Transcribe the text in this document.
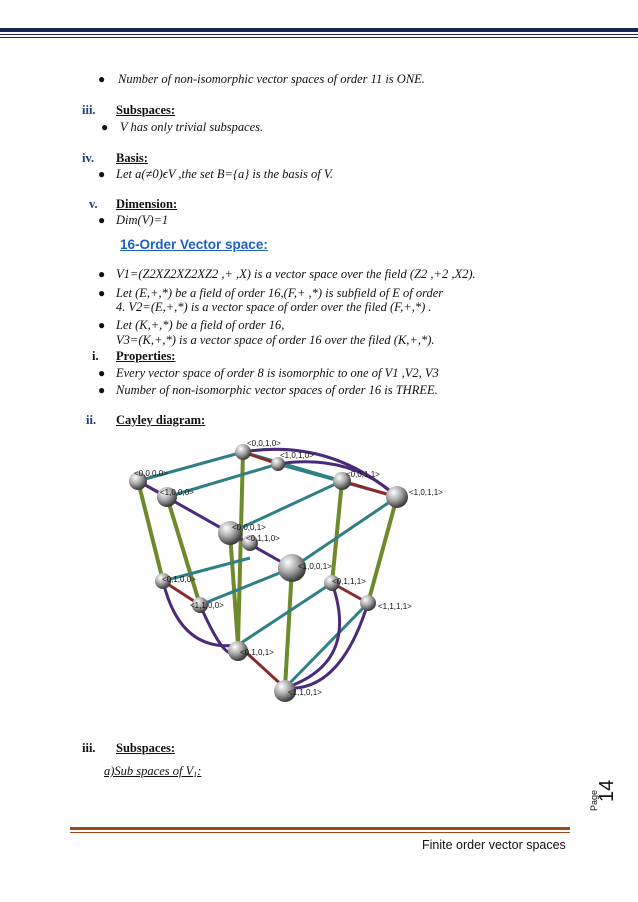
● Number of non-isomorphic vector spaces of order 11 is ONE.
iii. Subspaces:
● V has only trivial subspaces.
iv. Basis:
● Let a(≠0)ϵV ,the set B={a} is the basis of V.
v. Dimension:
● Dim(V)=1
16-Order Vector space:
● V1=(Z2XZ2XZ2XZ2 ,+ ,X) is a vector space over the field (Z2 ,+2 ,X2).
● Let (E,+,*) be a field of order 16,(F,+ ,*) is subfield of E of order
4. V2=(E,+,*) is a vector space of order over the filed (F,+,*) .
● Let (K,+,*) be a field of order 16,
V3=(K,+,*) is a vector space of order 16 over the filed (K,+,*).
i. Properties:
● Every vector space of order 8 is isomorphic to one of V1 ,V2, V3
● Number of non-isomorphic vector spaces of order 16 is THREE.
ii. Cayley diagram:
<0,0,1,0>
<1,0,1,0>
<0,0,0,0>
<1,0,0,0>
<0,0,1,1>
<1,0,1,1>
<0,0,0,1>
<0,1,1,0>
<1,0,0,1>
<0,1,0,0>	<0,1,1,1>
<1,1,0,0>	<1,1,1,1>
<0,1,0,1>
<1,1,0,1>
iii. Subspaces:
a)Sub spaces of $V_1$:
Page
14
Finite order vector spaces
